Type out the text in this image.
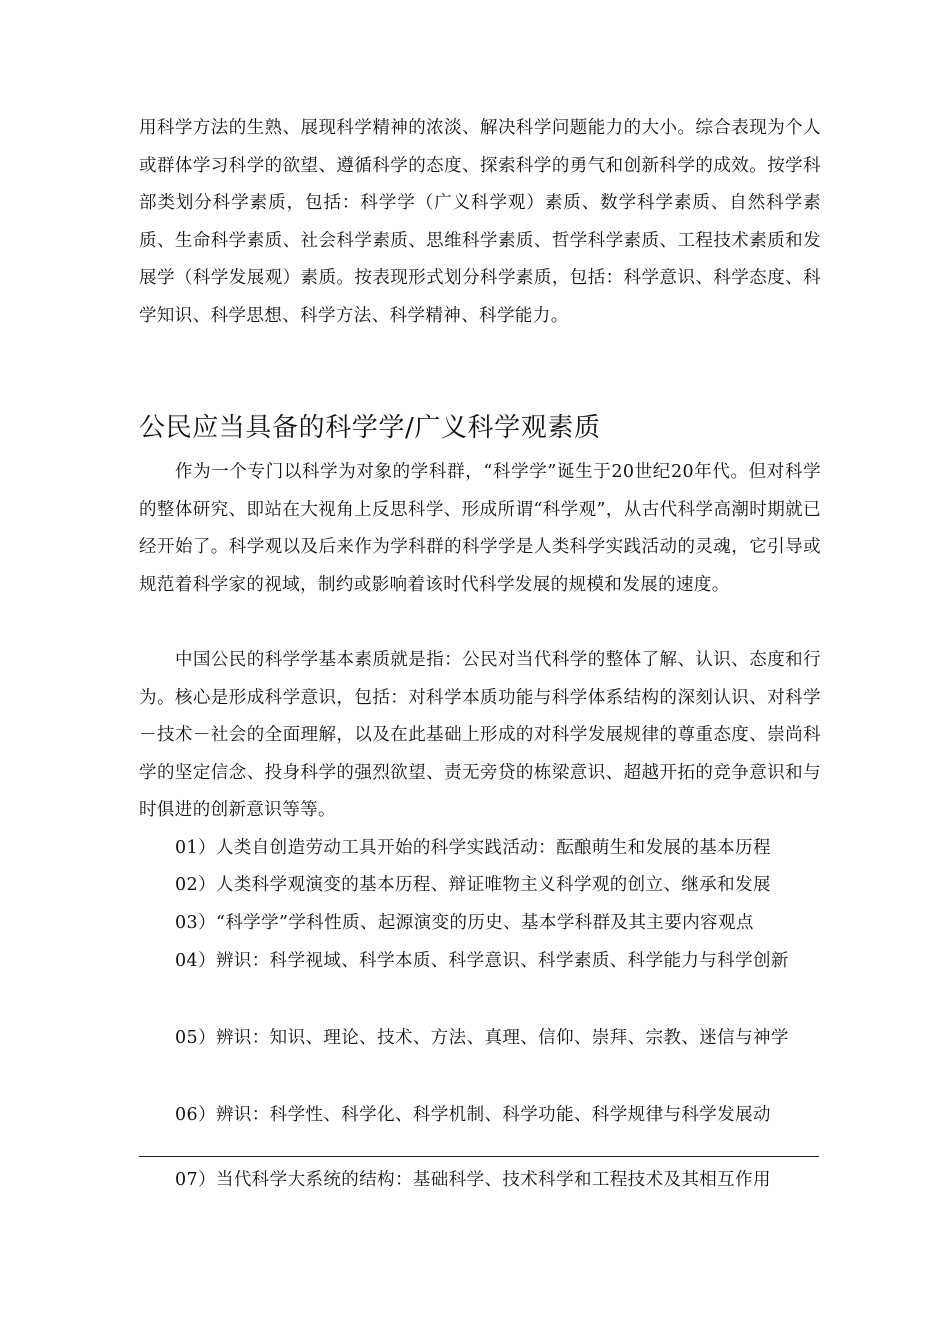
用科学方法的生熟、展现科学精神的浓淡、解决科学问题能力的大小。综合表现为个人或群体学习科学的欲望、遵循科学的态度、探索科学的勇气和创新科学的成效。按学科部类划分科学素质，包括：科学学（广义科学观）素质、数学科学素质、自然科学素质、生命科学素质、社会科学素质、思维科学素质、哲学科学素质、工程技术素质和发展学（科学发展观）素质。按表现形式划分科学素质，包括：科学意识、科学态度、科学知识、科学思想、科学方法、科学精神、科学能力。

公民应当具备的科学学/广义科学观素质

作为一个专门以科学为对象的学科群，“科学学”诞生于20世纪20年代。但对科学的整体研究、即站在大视角上反思科学、形成所谓“科学观”，从古代科学高潮时期就已经开始了。科学观以及后来作为学科群的科学学是人类科学实践活动的灵魂，它引导或规范着科学家的视域，制约或影响着该时代科学发展的规模和发展的速度。

中国公民的科学学基本素质就是指：公民对当代科学的整体了解、认识、态度和行为。核心是形成科学意识，包括：对科学本质功能与科学体系结构的深刻认识、对科学－技术－社会的全面理解，以及在此基础上形成的对科学发展规律的尊重态度、崇尚科学的坚定信念、投身科学的强烈欲望、责无旁贷的栋梁意识、超越开拓的竞争意识和与时俱进的创新意识等等。

01）人类自创造劳动工具开始的科学实践活动：酝酿萌生和发展的基本历程

02）人类科学观演变的基本历程、辩证唯物主义科学观的创立、继承和发展

03）“科学学”学科性质、起源演变的历史、基本学科群及其主要内容观点

04）辨识：科学视域、科学本质、科学意识、科学素质、科学能力与科学创新

05）辨识：知识、理论、技术、方法、真理、信仰、崇拜、宗教、迷信与神学

06）辨识：科学性、科学化、科学机制、科学功能、科学规律与科学发展动

07）当代科学大系统的结构：基础科学、技术科学和工程技术及其相互作用
